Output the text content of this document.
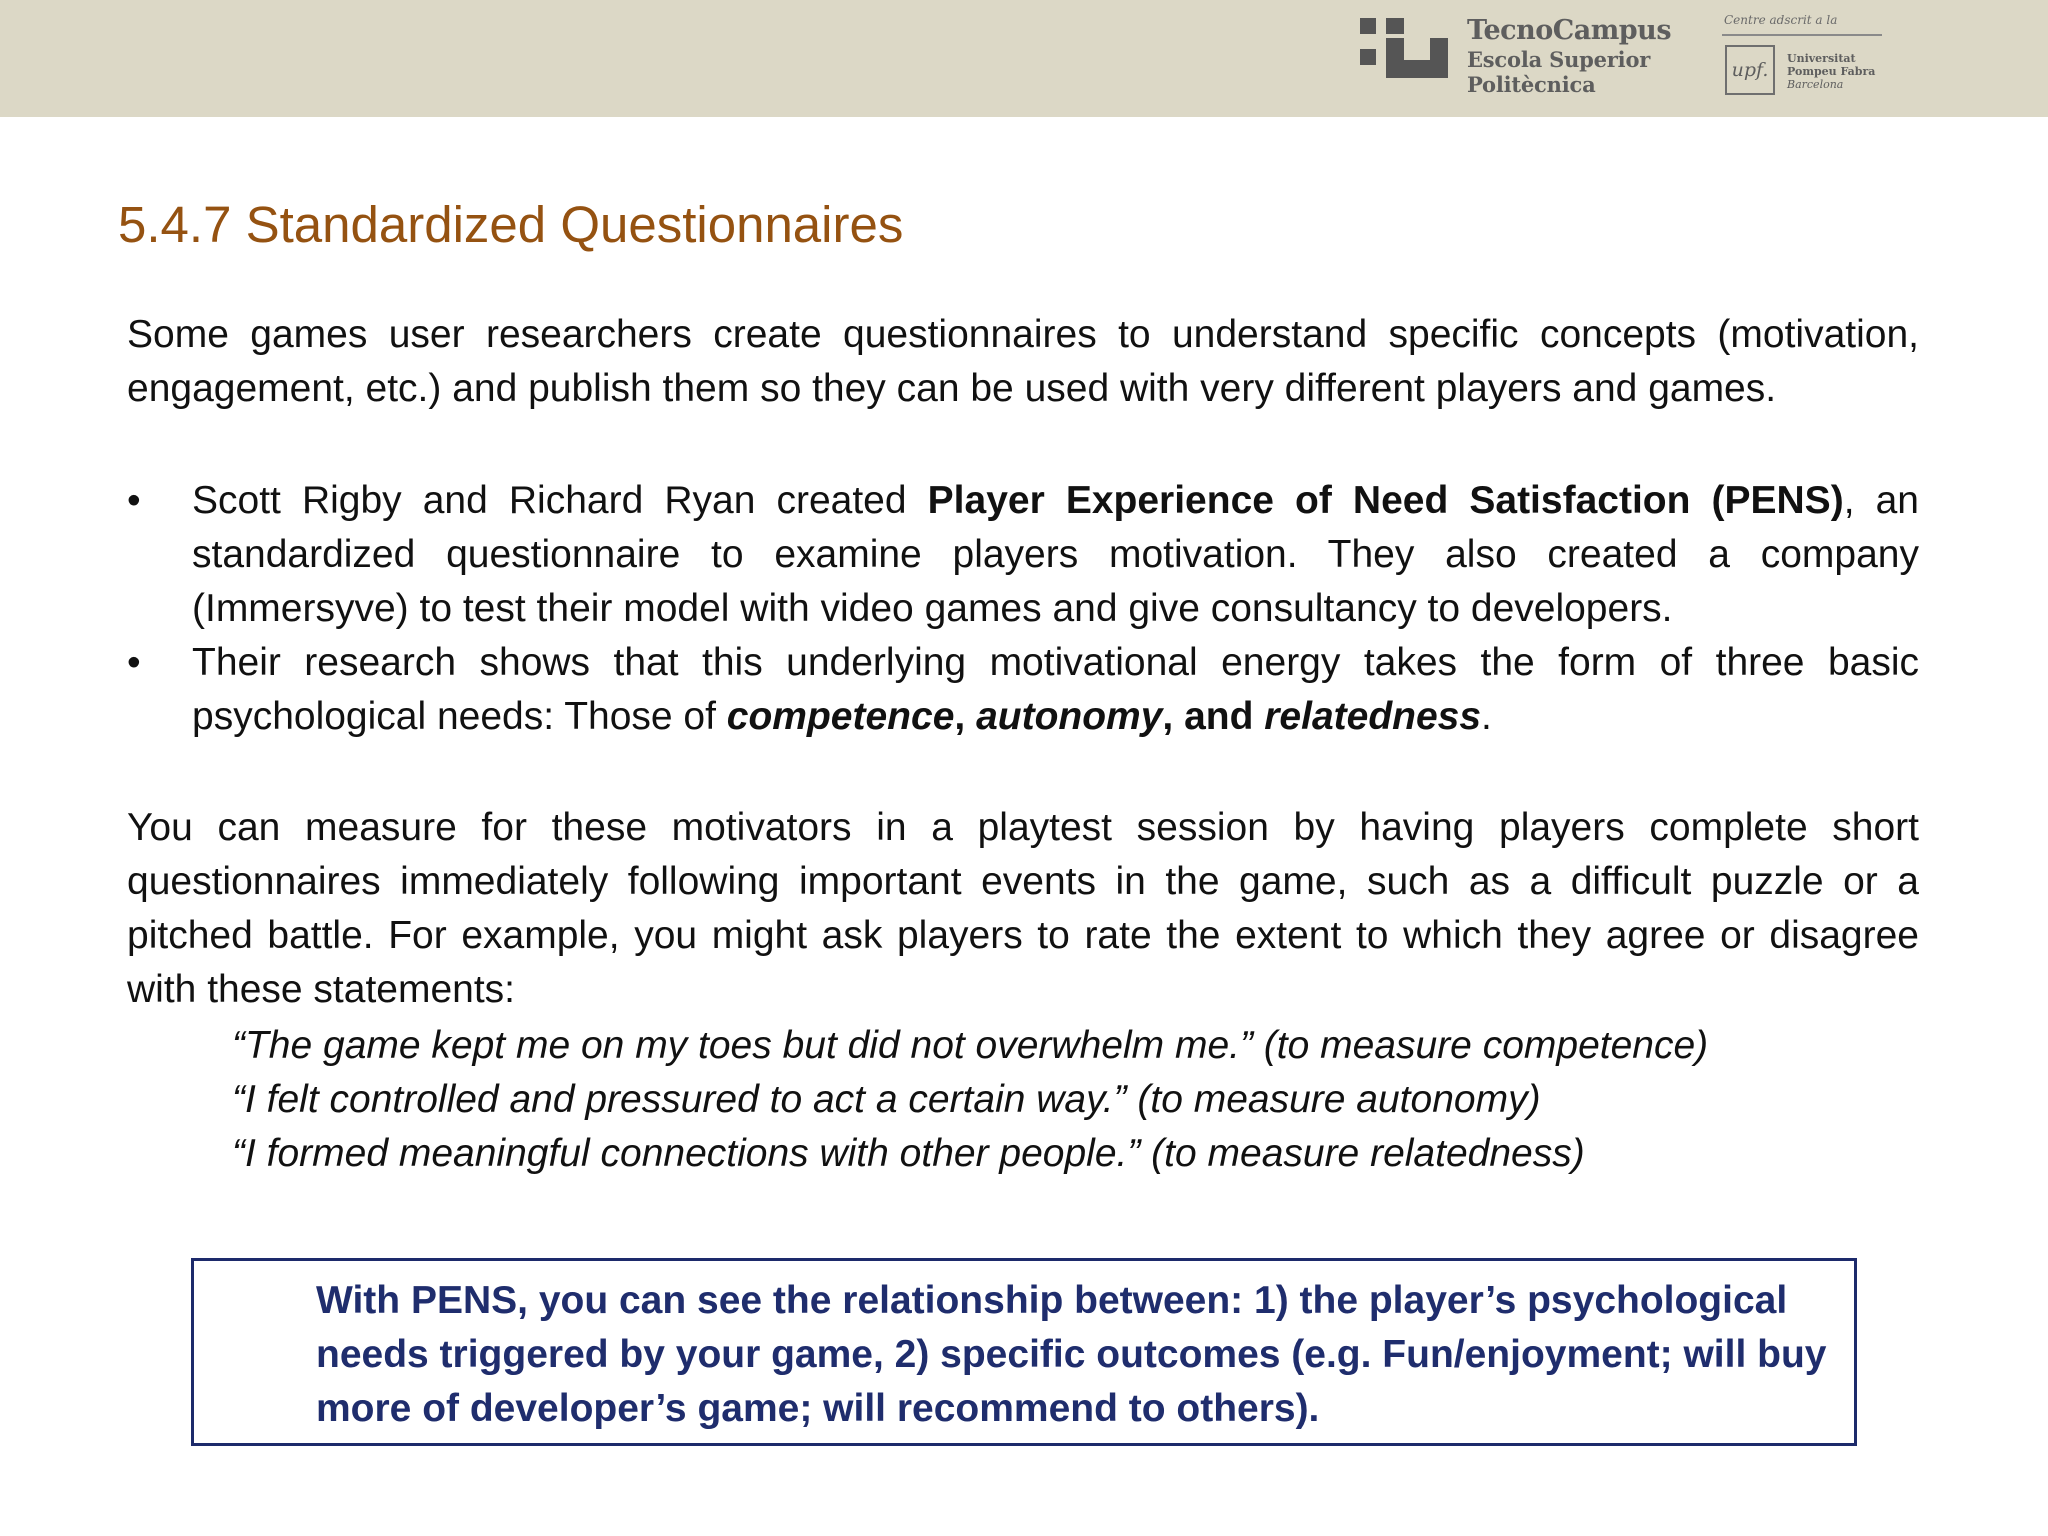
TecnoCampus
Escola Superior
Politècnica
Centre adscrit a la
upf.
Universitat
Pompeu Fabra
Barcelona
5.4.7 Standardized Questionnaires
Some games user researchers create questionnaires to understand specific concepts (motivation, engagement, etc.) and publish them so they can be used with very different players and games.
• Scott Rigby and Richard Ryan created Player Experience of Need Satisfaction (PENS), an standardized questionnaire to examine players motivation. They also created a company (Immersyve) to test their model with video games and give consultancy to developers.
• Their research shows that this underlying motivational energy takes the form of three basic psychological needs: Those of competence, autonomy, and relatedness.
You can measure for these motivators in a playtest session by having players complete short questionnaires immediately following important events in the game, such as a difficult puzzle or a pitched battle. For example, you might ask players to rate the extent to which they agree or disagree with these statements:
“The game kept me on my toes but did not overwhelm me.” (to measure competence)
“I felt controlled and pressured to act a certain way.” (to measure autonomy)
“I formed meaningful connections with other people.” (to measure relatedness)
With PENS, you can see the relationship between: 1) the player’s psychological needs triggered by your game, 2) specific outcomes (e.g. Fun/enjoyment; will buy more of developer’s game; will recommend to others).
